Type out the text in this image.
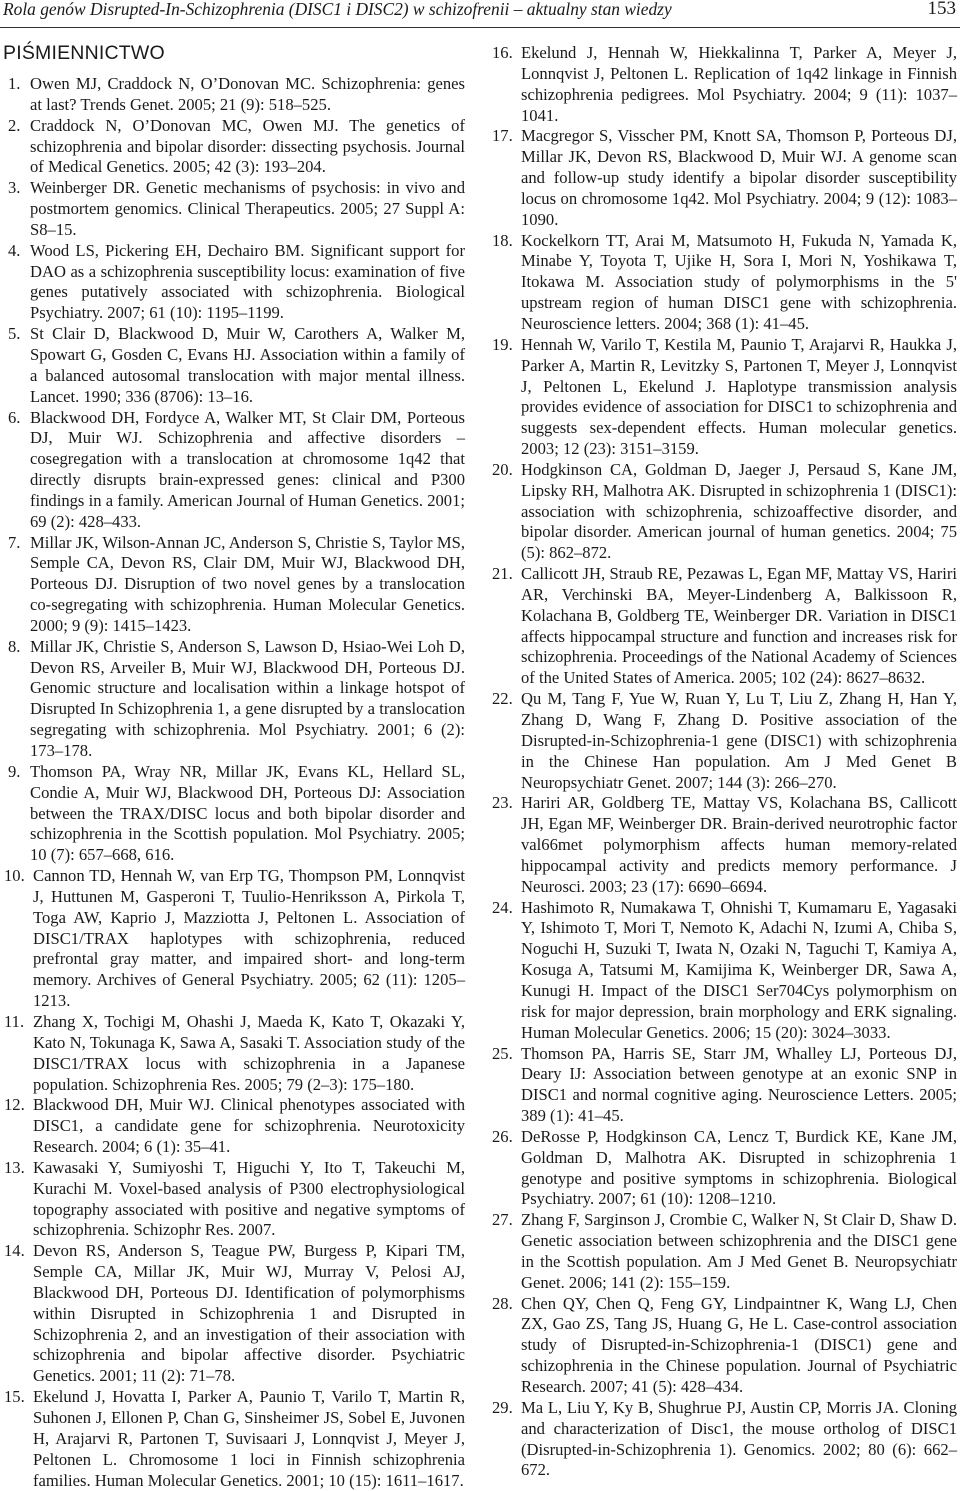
Rola genów Disrupted-In-Schizophrenia (DISC1 i DISC2) w schizofrenii – aktualny stan wiedzy	153
PIŚMIENNICTWO
1. Owen MJ, Craddock N, O’Donovan MC. Schizophrenia: genes at last? Trends Genet. 2005; 21 (9): 518–525.
2. Craddock N, O’Donovan MC, Owen MJ. The genetics of schizophrenia and bipolar disorder: dissecting psychosis. Journal of Medical Genetics. 2005; 42 (3): 193–204.
3. Weinberger DR. Genetic mechanisms of psychosis: in vivo and postmortem genomics. Clinical Therapeutics. 2005; 27 Suppl A: S8–15.
4. Wood LS, Pickering EH, Dechairo BM. Significant support for DAO as a schizophrenia susceptibility locus: examination of five genes putatively associated with schizophrenia. Biological Psychiatry. 2007; 61 (10): 1195–1199.
5. St Clair D, Blackwood D, Muir W, Carothers A, Walker M, Spowart G, Gosden C, Evans HJ. Association within a family of a balanced autosomal translocation with major mental illness. Lancet. 1990; 336 (8706): 13–16.
6. Blackwood DH, Fordyce A, Walker MT, St Clair DM, Porteous DJ, Muir WJ. Schizophrenia and affective disorders – cosegregation with a translocation at chromosome 1q42 that directly disrupts brain-expressed genes: clinical and P300 findings in a family. American Journal of Human Genetics. 2001; 69 (2): 428–433.
7. Millar JK, Wilson-Annan JC, Anderson S, Christie S, Taylor MS, Semple CA, Devon RS, Clair DM, Muir WJ, Blackwood DH, Porteous DJ. Disruption of two novel genes by a translocation co-segregating with schizophrenia. Human Molecular Genetics. 2000; 9 (9): 1415–1423.
8. Millar JK, Christie S, Anderson S, Lawson D, Hsiao-Wei Loh D, Devon RS, Arveiler B, Muir WJ, Blackwood DH, Porteous DJ. Genomic structure and localisation within a linkage hotspot of Disrupted In Schizophrenia 1, a gene disrupted by a translocation segregating with schizophrenia. Mol Psychiatry. 2001; 6 (2): 173–178.
9. Thomson PA, Wray NR, Millar JK, Evans KL, Hellard SL, Condie A, Muir WJ, Blackwood DH, Porteous DJ: Association between the TRAX/DISC locus and both bipolar disorder and schizophrenia in the Scottish population. Mol Psychiatry. 2005; 10 (7): 657–668, 616.
10. Cannon TD, Hennah W, van Erp TG, Thompson PM, Lonnqvist J, Huttunen M, Gasperoni T, Tuulio-Henriksson A, Pirkola T, Toga AW, Kaprio J, Mazziotta J, Peltonen L. Association of DISC1/TRAX haplotypes with schizophrenia, reduced prefrontal gray matter, and impaired short- and long-term memory. Archives of General Psychiatry. 2005; 62 (11): 1205–1213.
11. Zhang X, Tochigi M, Ohashi J, Maeda K, Kato T, Okazaki Y, Kato N, Tokunaga K, Sawa A, Sasaki T. Association study of the DISC1/TRAX locus with schizophrenia in a Japanese population. Schizophrenia Res. 2005; 79 (2–3): 175–180.
12. Blackwood DH, Muir WJ. Clinical phenotypes associated with DISC1, a candidate gene for schizophrenia. Neurotoxicity Research. 2004; 6 (1): 35–41.
13. Kawasaki Y, Sumiyoshi T, Higuchi Y, Ito T, Takeuchi M, Kurachi M. Voxel-based analysis of P300 electrophysiological topography associated with positive and negative symptoms of schizophrenia. Schizophr Res. 2007.
14. Devon RS, Anderson S, Teague PW, Burgess P, Kipari TM, Semple CA, Millar JK, Muir WJ, Murray V, Pelosi AJ, Blackwood DH, Porteous DJ. Identification of polymorphisms within Disrupted in Schizophrenia 1 and Disrupted in Schizophrenia 2, and an investigation of their association with schizophrenia and bipolar affective disorder. Psychiatric Genetics. 2001; 11 (2): 71–78.
15. Ekelund J, Hovatta I, Parker A, Paunio T, Varilo T, Martin R, Suhonen J, Ellonen P, Chan G, Sinsheimer JS, Sobel E, Juvonen H, Arajarvi R, Partonen T, Suvisaari J, Lonnqvist J, Meyer J, Peltonen L. Chromosome 1 loci in Finnish schizophrenia families. Human Molecular Genetics. 2001; 10 (15): 1611–1617.
16. Ekelund J, Hennah W, Hiekkalinna T, Parker A, Meyer J, Lonnqvist J, Peltonen L. Replication of 1q42 linkage in Finnish schizophrenia pedigrees. Mol Psychiatry. 2004; 9 (11): 1037–1041.
17. Macgregor S, Visscher PM, Knott SA, Thomson P, Porteous DJ, Millar JK, Devon RS, Blackwood D, Muir WJ. A genome scan and follow-up study identify a bipolar disorder susceptibility locus on chromosome 1q42. Mol Psychiatry. 2004; 9 (12): 1083–1090.
18. Kockelkorn TT, Arai M, Matsumoto H, Fukuda N, Yamada K, Minabe Y, Toyota T, Ujike H, Sora I, Mori N, Yoshikawa T, Itokawa M. Association study of polymorphisms in the 5' upstream region of human DISC1 gene with schizophrenia. Neuroscience letters. 2004; 368 (1): 41–45.
19. Hennah W, Varilo T, Kestila M, Paunio T, Arajarvi R, Haukka J, Parker A, Martin R, Levitzky S, Partonen T, Meyer J, Lonnqvist J, Peltonen L, Ekelund J. Haplotype transmission analysis provides evidence of association for DISC1 to schizophrenia and suggests sex-dependent effects. Human molecular genetics. 2003; 12 (23): 3151–3159.
20. Hodgkinson CA, Goldman D, Jaeger J, Persaud S, Kane JM, Lipsky RH, Malhotra AK. Disrupted in schizophrenia 1 (DISC1): association with schizophrenia, schizoaffective disorder, and bipolar disorder. American journal of human genetics. 2004; 75 (5): 862–872.
21. Callicott JH, Straub RE, Pezawas L, Egan MF, Mattay VS, Hariri AR, Verchinski BA, Meyer-Lindenberg A, Balkissoon R, Kolachana B, Goldberg TE, Weinberger DR. Variation in DISC1 affects hippocampal structure and function and increases risk for schizophrenia. Proceedings of the National Academy of Sciences of the United States of America. 2005; 102 (24): 8627–8632.
22. Qu M, Tang F, Yue W, Ruan Y, Lu T, Liu Z, Zhang H, Han Y, Zhang D, Wang F, Zhang D. Positive association of the Disrupted-in-Schizophrenia-1 gene (DISC1) with schizophrenia in the Chinese Han population. Am J Med Genet B Neuropsychiatr Genet. 2007; 144 (3): 266–270.
23. Hariri AR, Goldberg TE, Mattay VS, Kolachana BS, Callicott JH, Egan MF, Weinberger DR. Brain-derived neurotrophic factor val66met polymorphism affects human memory-related hippocampal activity and predicts memory performance. J Neurosci. 2003; 23 (17): 6690–6694.
24. Hashimoto R, Numakawa T, Ohnishi T, Kumamaru E, Yagasaki Y, Ishimoto T, Mori T, Nemoto K, Adachi N, Izumi A, Chiba S, Noguchi H, Suzuki T, Iwata N, Ozaki N, Taguchi T, Kamiya A, Kosuga A, Tatsumi M, Kamijima K, Weinberger DR, Sawa A, Kunugi H. Impact of the DISC1 Ser704Cys polymorphism on risk for major depression, brain morphology and ERK signaling. Human Molecular Genetics. 2006; 15 (20): 3024–3033.
25. Thomson PA, Harris SE, Starr JM, Whalley LJ, Porteous DJ, Deary IJ: Association between genotype at an exonic SNP in DISC1 and normal cognitive aging. Neuroscience Letters. 2005; 389 (1): 41–45.
26. DeRosse P, Hodgkinson CA, Lencz T, Burdick KE, Kane JM, Goldman D, Malhotra AK. Disrupted in schizophrenia 1 genotype and positive symptoms in schizophrenia. Biological Psychiatry. 2007; 61 (10): 1208–1210.
27. Zhang F, Sarginson J, Crombie C, Walker N, St Clair D, Shaw D. Genetic association between schizophrenia and the DISC1 gene in the Scottish population. Am J Med Genet B. Neuropsychiatr Genet. 2006; 141 (2): 155–159.
28. Chen QY, Chen Q, Feng GY, Lindpaintner K, Wang LJ, Chen ZX, Gao ZS, Tang JS, Huang G, He L. Case-control association study of Disrupted-in-Schizophrenia-1 (DISC1) gene and schizophrenia in the Chinese population. Journal of Psychiatric Research. 2007; 41 (5): 428–434.
29. Ma L, Liu Y, Ky B, Shughrue PJ, Austin CP, Morris JA. Cloning and characterization of Disc1, the mouse ortholog of DISC1 (Disrupted-in-Schizophrenia 1). Genomics. 2002; 80 (6): 662–672.
